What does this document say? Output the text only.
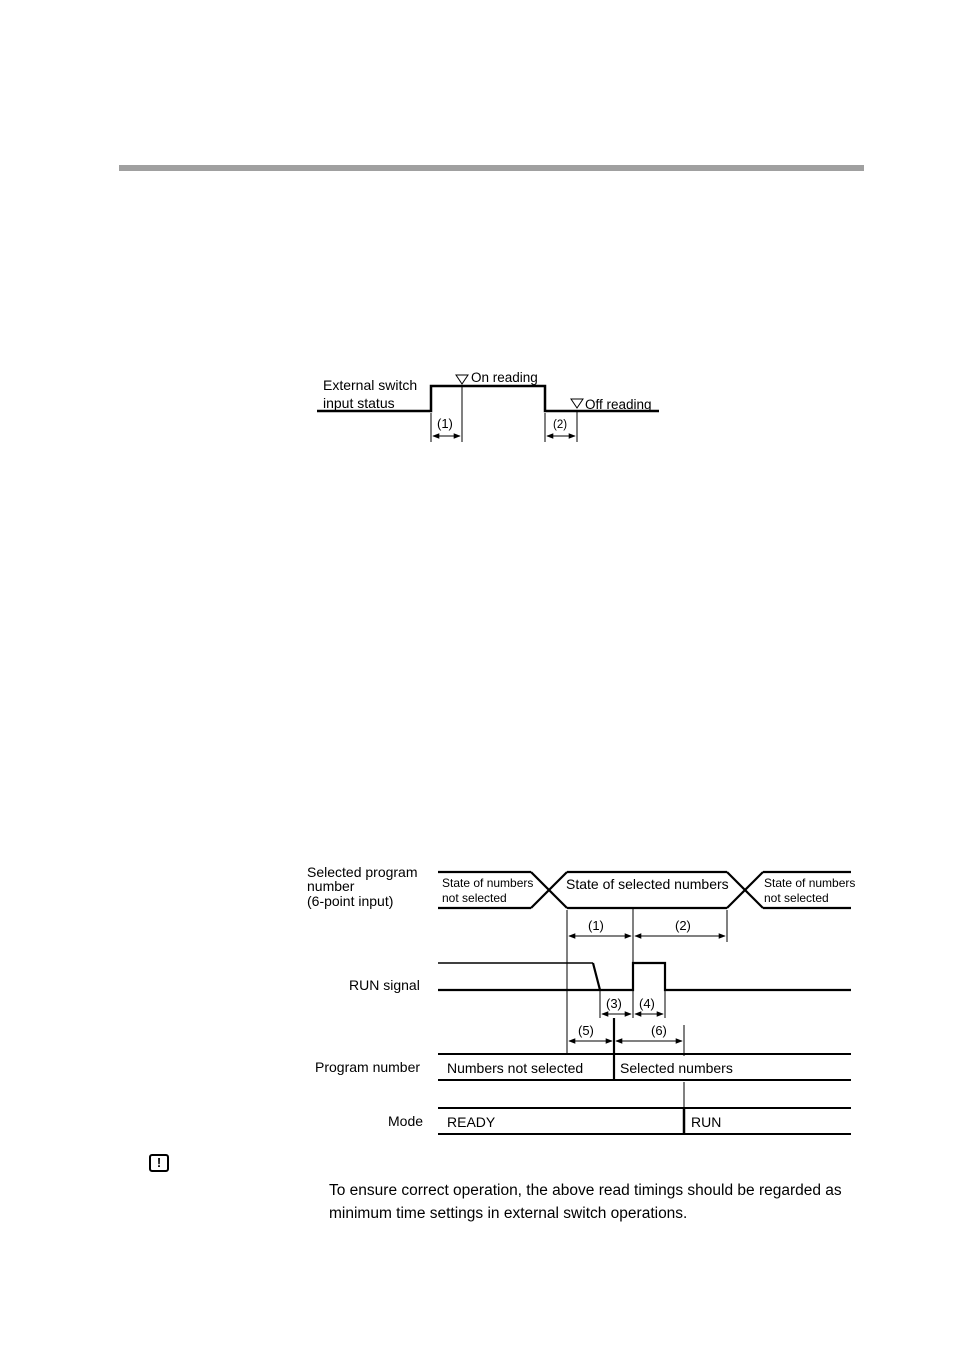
External switch
input status
On reading
Off reading
(1)	(2)
Selected program
number
(6-point input)
State of numbers
not selected
State of selected numbers	State of numbers
not selected
(1)	(2)
RUN signal
(3) (4)
(5)	(6)
Program number Numbers not selected	Selected numbers
Mode READY	RUN
!
To ensure correct operation, the above read timings should be regarded as minimum time settings in external switch operations.
